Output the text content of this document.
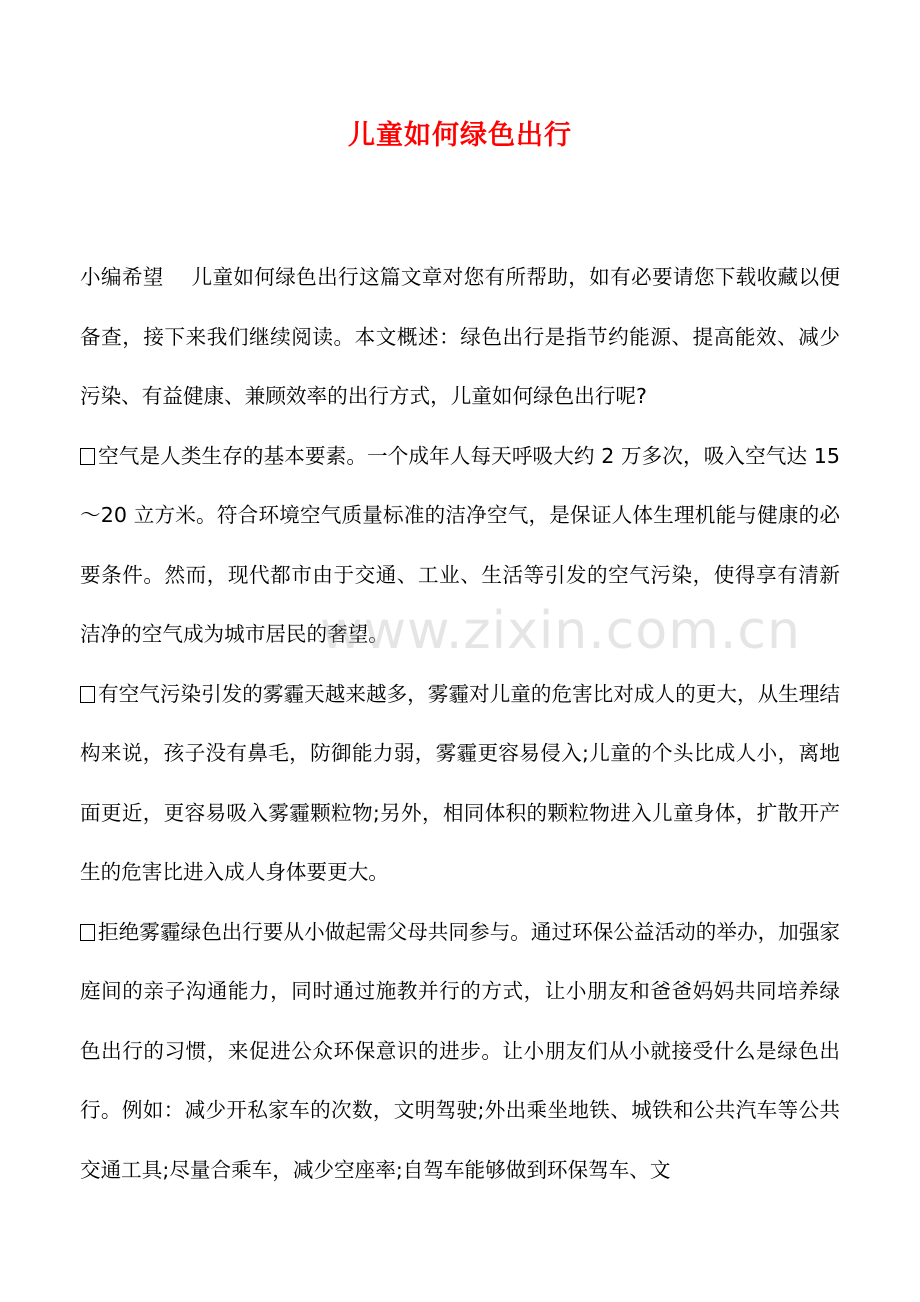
儿童如何绿色出行

小编希望　 儿童如何绿色出行这篇文章对您有所帮助，如有必要请您下载收藏以便备查，接下来我们继续阅读。本文概述：绿色出行是指节约能源、提高能效、减少污染、有益健康、兼顾效率的出行方式，儿童如何绿色出行呢?

空气是人类生存的基本要素。一个成年人每天呼吸大约 2 万多次，吸入空气达 15～20 立方米。符合环境空气质量标准的洁净空气，是保证人体生理机能与健康的必要条件。然而，现代都市由于交通、工业、生活等引发的空气污染，使得享有清新洁净的空气成为城市居民的奢望。

有空气污染引发的雾霾天越来越多，雾霾对儿童的危害比对成人的更大，从生理结构来说，孩子没有鼻毛，防御能力弱，雾霾更容易侵入;儿童的个头比成人小，离地面更近，更容易吸入雾霾颗粒物;另外，相同体积的颗粒物进入儿童身体，扩散开产生的危害比进入成人身体要更大。

拒绝雾霾绿色出行要从小做起需父母共同参与。通过环保公益活动的举办，加强家庭间的亲子沟通能力，同时通过施教并行的方式，让小朋友和爸爸妈妈共同培养绿色出行的习惯，来促进公众环保意识的进步。让小朋友们从小就接受什么是绿色出行。例如：减少开私家车的次数，文明驾驶;外出乘坐地铁、城铁和公共汽车等公共交通工具;尽量合乘车，减少空座率;自驾车能够做到环保驾车、文

www.zixin.com.cn
